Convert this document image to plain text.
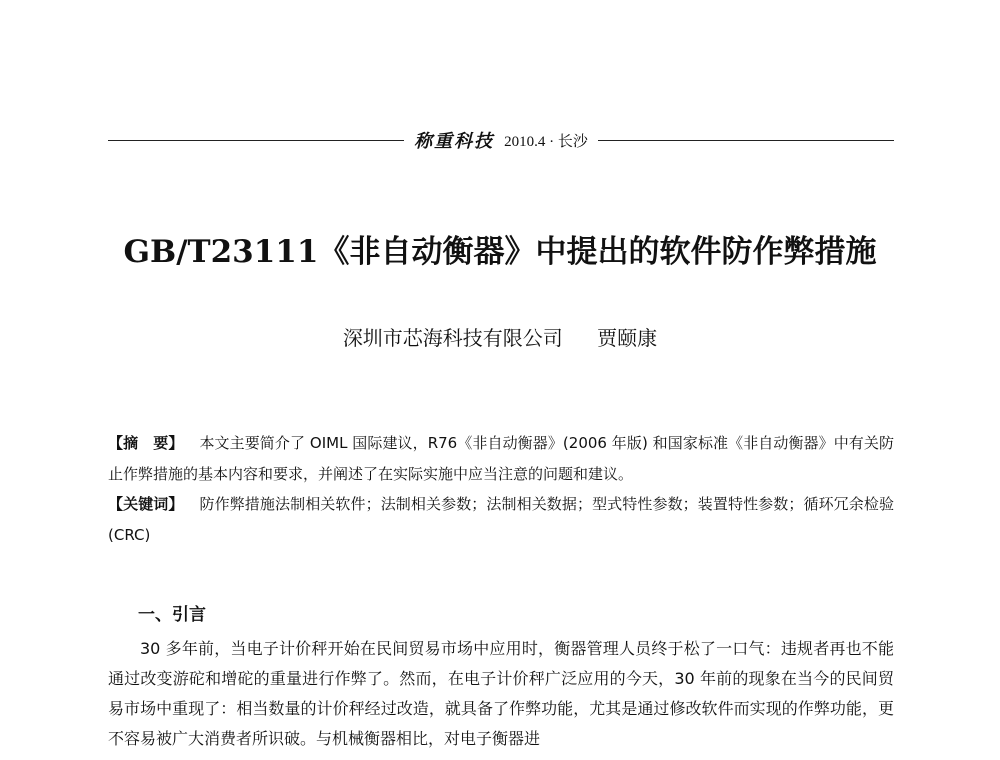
称重科技 2010.4 · 长沙
GB/T23111《非自动衡器》中提出的软件防作弊措施
深圳市芯海科技有限公司 贾颐康

【摘　要】 本文主要简介了 OIML 国际建议，R76《非自动衡器》(2006 年版) 和国家标准《非自动衡器》中有关防止作弊措施的基本内容和要求，并阐述了在实际实施中应当注意的问题和建议。

【关键词】 防作弊措施法制相关软件；法制相关参数；法制相关数据；型式特性参数；装置特性参数；循环冗余检验 (CRC)

一、引言

30 多年前，当电子计价秤开始在民间贸易市场中应用时，衡器管理人员终于松了一口气：违规者再也不能通过改变游砣和增砣的重量进行作弊了。然而，在电子计价秤广泛应用的今天，30 年前的现象在当今的民间贸易市场中重现了：相当数量的计价秤经过改造，就具备了作弊功能，尤其是通过修改软件而实现的作弊功能，更不容易被广大消费者所识破。与机械衡器相比，对电子衡器进
